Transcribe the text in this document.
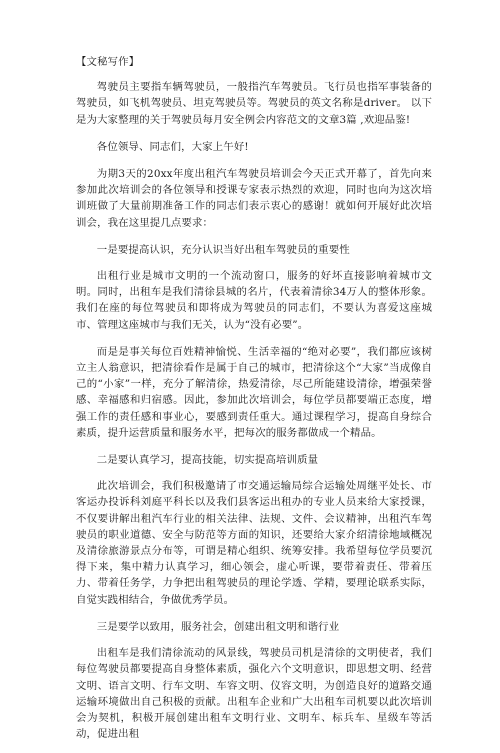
【文秘写作】

驾驶员主要指车辆驾驶员，一般指汽车驾驶员。飞行员也指军事装备的驾驶员，如飞机驾驶员、坦克驾驶员等。驾驶员的英文名称是driver。 以下是为大家整理的关于驾驶员每月安全例会内容范文的文章3篇 ,欢迎品鉴!

各位领导、同志们，大家上午好!

为期3天的20xx年度出租汽车驾驶员培训会今天正式开幕了，首先向来参加此次培训会的各位领导和授课专家表示热烈的欢迎，同时也向为这次培训班做了大量前期准备工作的同志们表示衷心的感谢！就如何开展好此次培训会，我在这里提几点要求：

一是要提高认识，充分认识当好出租车驾驶员的重要性

出租行业是城市文明的一个流动窗口，服务的好坏直接影响着城市文明。同时，出租车是我们清徐县城的名片，代表着清徐34万人的整体形象。我们在座的每位驾驶员和即将成为驾驶员的同志们，不要认为喜爱这座城市、管理这座城市与我们无关，认为“没有必要”。

而是是事关每位百姓精神愉悦、生活幸福的“绝对必要”，我们都应该树立主人翁意识，把清徐看作是属于自己的城市，把清徐这个“大家”当成像自己的“小家”一样，充分了解清徐，热爱清徐，尽己所能建设清徐，增强荣誉感、幸福感和归宿感。因此，参加此次培训会，每位学员都要端正态度，增强工作的责任感和事业心，要感到责任重大。通过课程学习，提高自身综合素质，提升运营质量和服务水平，把每次的服务都做成一个精品。

二是要认真学习，提高技能，切实提高培训质量

此次培训会，我们积极邀请了市交通运输局综合运输处周继平处长、市客运办投诉科刘庭平科长以及我们县客运出租办的专业人员来给大家授课，不仅要讲解出租汽车行业的相关法律、法规、文件、会议精神，出租汽车驾驶员的职业道德、安全与防范等方面的知识，还要给大家介绍清徐地域概况及清徐旅游景点分布等，可谓是精心组织、统筹安排。我希望每位学员要沉得下来，集中精力认真学习，细心领会，虚心听课，要带着责任、带着压力、带着任务学，力争把出租驾驶员的理论学透、学精，要理论联系实际，自觉实践相结合，争做优秀学员。

三是要学以致用，服务社会，创建出租文明和谐行业

出租车是我们清徐流动的风景线，驾驶员司机是清徐的文明使者，我们每位驾驶员都要提高自身整体素质，强化六个文明意识，即思想文明、经营文明、语言文明、行车文明、车容文明、仪容文明，为创造良好的道路交通运输环境做出自己积极的贡献。出租车企业和广大出租车司机要以此次培训会为契机，积极开展创建出租车文明行业、文明车、标兵车、星级车等活动，促进出租
